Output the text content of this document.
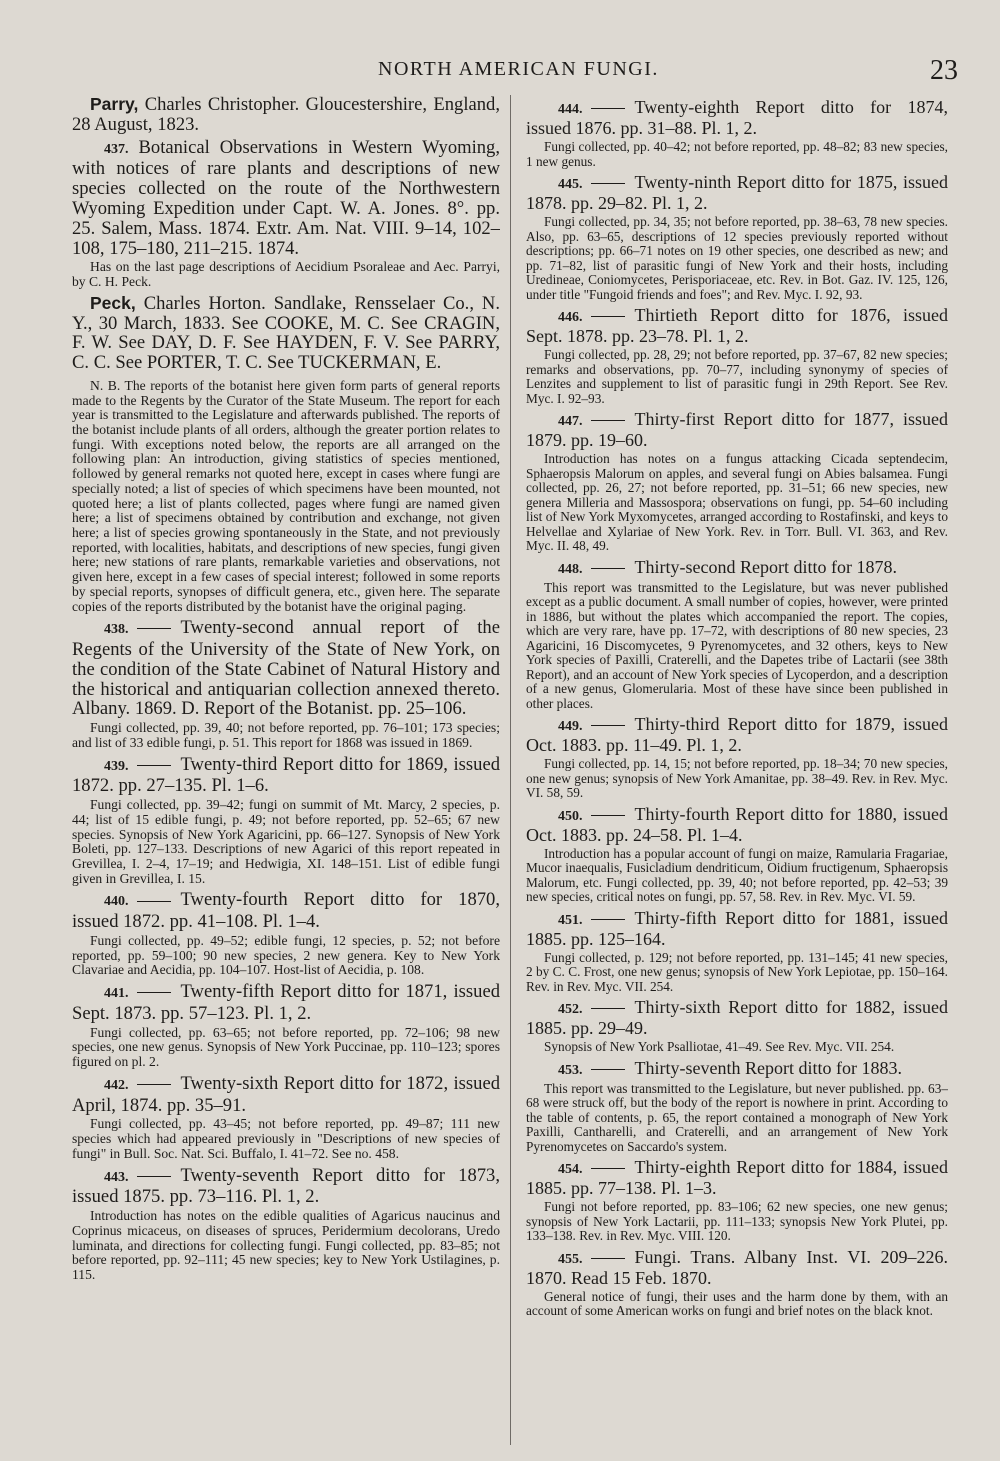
NORTH AMERICAN FUNGI.	23

Parry, Charles Christopher. Gloucestershire, England, 28 August, 1823.

437. Botanical Observations in Western Wyoming, with notices of rare plants and descriptions of new species collected on the route of the Northwestern Wyoming Expedition under Capt. W. A. Jones. 8°. pp. 25. Salem, Mass. 1874. Extr. Am. Nat. VIII. 9–14, 102–108, 175–180, 211–215. 1874.

Has on the last page descriptions of Aecidium Psoraleae and Aec. Parryi, by C. H. Peck.

Peck, Charles Horton. Sandlake, Rensselaer Co., N. Y., 30 March, 1833. See COOKE, M. C. See CRAGIN, F. W. See DAY, D. F. See HAYDEN, F. V. See PARRY, C. C. See PORTER, T. C. See TUCKERMAN, E.

N. B. The reports of the botanist here given form parts of general reports made to the Regents by the Curator of the State Museum. The report for each year is transmitted to the Legislature and afterwards published. The reports of the botanist include plants of all orders, although the greater portion relates to fungi. With exceptions noted below, the reports are all arranged on the following plan: An introduction, giving statistics of species mentioned, followed by general remarks not quoted here, except in cases where fungi are specially noted; a list of species of which specimens have been mounted, not quoted here; a list of plants collected, pages where fungi are named given here; a list of specimens obtained by contribution and exchange, not given here; a list of species growing spontaneously in the State, and not previously reported, with localities, habitats, and descriptions of new species, fungi given here; new stations of rare plants, remarkable varieties and observations, not given here, except in a few cases of special interest; followed in some reports by special reports, synopses of difficult genera, etc., given here. The separate copies of the reports distributed by the botanist have the original paging.

438.	Twenty-second annual report of the Regents of the University of the State of New York, on the condition of the State Cabinet of Natural History and the historical and antiquarian collection annexed thereto. Albany. 1869. D. Report of the Botanist. pp. 25–106.

Fungi collected, pp. 39, 40; not before reported, pp. 76–101; 173 species; and list of 33 edible fungi, p. 51. This report for 1868 was issued in 1869.

439.	Twenty-third Report ditto for 1869, issued 1872. pp. 27–135. Pl. 1–6.

Fungi collected, pp. 39–42; fungi on summit of Mt. Marcy, 2 species, p. 44; list of 15 edible fungi, p. 49; not before reported, pp. 52–65; 67 new species. Synopsis of New York Agaricini, pp. 66–127. Synopsis of New York Boleti, pp. 127–133. Descriptions of new Agarici of this report repeated in Grevillea, I. 2–4, 17–19; and Hedwigia, XI. 148–151. List of edible fungi given in Grevillea, I. 15.

440.	Twenty-fourth Report ditto for 1870, issued 1872. pp. 41–108. Pl. 1–4.

Fungi collected, pp. 49–52; edible fungi, 12 species, p. 52; not before reported, pp. 59–100; 90 new species, 2 new genera. Key to New York Clavariae and Aecidia, pp. 104–107. Host-list of Aecidia, p. 108.

441.	Twenty-fifth Report ditto for 1871, issued Sept. 1873. pp. 57–123. Pl. 1, 2.

Fungi collected, pp. 63–65; not before reported, pp. 72–106; 98 new species, one new genus. Synopsis of New York Puccinae, pp. 110–123; spores figured on pl. 2.

442.	Twenty-sixth Report ditto for 1872, issued April, 1874. pp. 35–91.

Fungi collected, pp. 43–45; not before reported, pp. 49–87; 111 new species which had appeared previously in "Descriptions of new species of fungi" in Bull. Soc. Nat. Sci. Buffalo, I. 41–72. See no. 458.

443.	Twenty-seventh Report ditto for 1873, issued 1875. pp. 73–116. Pl. 1, 2.

Introduction has notes on the edible qualities of Agaricus naucinus and Coprinus micaceus, on diseases of spruces, Peridermium decolorans, Uredo luminata, and directions for collecting fungi. Fungi collected, pp. 83–85; not before reported, pp. 92–111; 45 new species; key to New York Ustilagines, p. 115.

444.	Twenty-eighth Report ditto for 1874, issued 1876. pp. 31–88. Pl. 1, 2.

Fungi collected, pp. 40–42; not before reported, pp. 48–82; 83 new species, 1 new genus.

445.	Twenty-ninth Report ditto for 1875, issued 1878. pp. 29–82. Pl. 1, 2.

Fungi collected, pp. 34, 35; not before reported, pp. 38–63, 78 new species. Also, pp. 63–65, descriptions of 12 species previously reported without descriptions; pp. 66–71 notes on 19 other species, one described as new; and pp. 71–82, list of parasitic fungi of New York and their hosts, including Uredineae, Coniomycetes, Perisporiaceae, etc. Rev. in Bot. Gaz. IV. 125, 126, under title "Fungoid friends and foes"; and Rev. Myc. I. 92, 93.

446.	Thirtieth Report ditto for 1876, issued Sept. 1878. pp. 23–78. Pl. 1, 2.

Fungi collected, pp. 28, 29; not before reported, pp. 37–67, 82 new species; remarks and observations, pp. 70–77, including synonymy of species of Lenzites and supplement to list of parasitic fungi in 29th Report. See Rev. Myc. I. 92–93.

447.	Thirty-first Report ditto for 1877, issued 1879. pp. 19–60.

Introduction has notes on a fungus attacking Cicada septendecim, Sphaeropsis Malorum on apples, and several fungi on Abies balsamea. Fungi collected, pp. 26, 27; not before reported, pp. 31–51; 66 new species, new genera Milleria and Massospora; observations on fungi, pp. 54–60 including list of New York Myxomycetes, arranged according to Rostafinski, and keys to Helvellae and Xylariae of New York. Rev. in Torr. Bull. VI. 363, and Rev. Myc. II. 48, 49.

448.	Thirty-second Report ditto for 1878.

This report was transmitted to the Legislature, but was never published except as a public document. A small number of copies, however, were printed in 1886, but without the plates which accompanied the report. The copies, which are very rare, have pp. 17–72, with descriptions of 80 new species, 23 Agaricini, 16 Discomycetes, 9 Pyrenomycetes, and 32 others, keys to New York species of Paxilli, Craterelli, and the Dapetes tribe of Lactarii (see 38th Report), and an account of New York species of Lycoperdon, and a description of a new genus, Glomerularia. Most of these have since been published in other places.

449.	Thirty-third Report ditto for 1879, issued Oct. 1883. pp. 11–49. Pl. 1, 2.

Fungi collected, pp. 14, 15; not before reported, pp. 18–34; 70 new species, one new genus; synopsis of New York Amanitae, pp. 38–49. Rev. in Rev. Myc. VI. 58, 59.

450.	Thirty-fourth Report ditto for 1880, issued Oct. 1883. pp. 24–58. Pl. 1–4.

Introduction has a popular account of fungi on maize, Ramularia Fragariae, Mucor inaequalis, Fusicladium dendriticum, Oidium fructigenum, Sphaeropsis Malorum, etc. Fungi collected, pp. 39, 40; not before reported, pp. 42–53; 39 new species, critical notes on fungi, pp. 57, 58. Rev. in Rev. Myc. VI. 59.

451.	Thirty-fifth Report ditto for 1881, issued 1885. pp. 125–164.

Fungi collected, p. 129; not before reported, pp. 131–145; 41 new species, 2 by C. C. Frost, one new genus; synopsis of New York Lepiotae, pp. 150–164. Rev. in Rev. Myc. VII. 254.

452.	Thirty-sixth Report ditto for 1882, issued 1885. pp. 29–49.

Synopsis of New York Psalliotae, 41–49. See Rev. Myc. VII. 254.

453.	Thirty-seventh Report ditto for 1883.

This report was transmitted to the Legislature, but never published. pp. 63–68 were struck off, but the body of the report is nowhere in print. According to the table of contents, p. 65, the report contained a monograph of New York Paxilli, Cantharelli, and Craterelli, and an arrangement of New York Pyrenomycetes on Saccardo's system.

454.	Thirty-eighth Report ditto for 1884, issued 1885. pp. 77–138. Pl. 1–3.

Fungi not before reported, pp. 83–106; 62 new species, one new genus; synopsis of New York Lactarii, pp. 111–133; synopsis New York Plutei, pp. 133–138. Rev. in Rev. Myc. VIII. 120.

455.	Fungi. Trans. Albany Inst. VI. 209–226. 1870. Read 15 Feb. 1870.

General notice of fungi, their uses and the harm done by them, with an account of some American works on fungi and brief notes on the black knot.
